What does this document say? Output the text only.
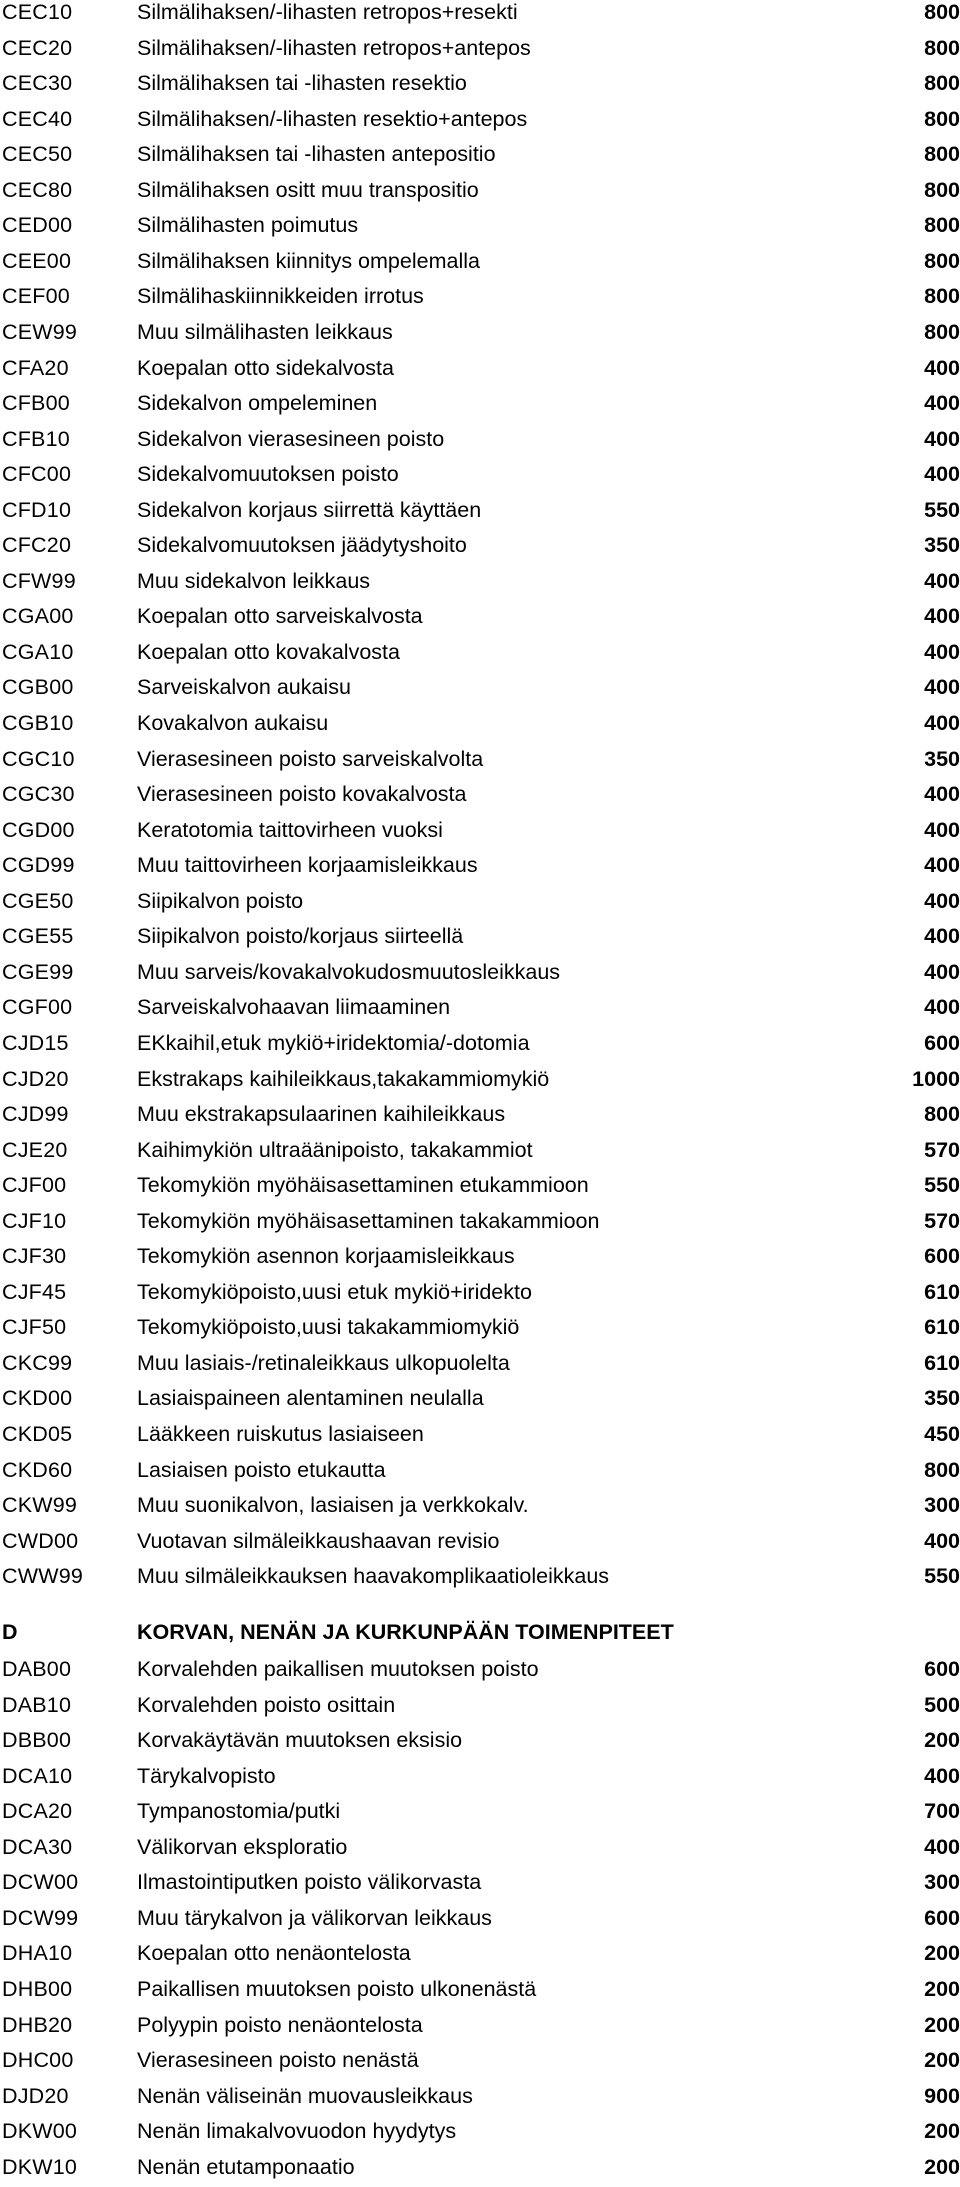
CEC10	Silmälihaksen/-lihasten retropos+resekti	800
CEC20	Silmälihaksen/-lihasten retropos+antepos	800
CEC30	Silmälihaksen tai -lihasten resektio	800
CEC40	Silmälihaksen/-lihasten resektio+antepos	800
CEC50	Silmälihaksen tai -lihasten antepositio	800
CEC80	Silmälihaksen ositt muu transpositio	800
CED00	Silmälihasten poimutus	800
CEE00	Silmälihaksen kiinnitys ompelemalla	800
CEF00	Silmälihaskiinnikkeiden irrotus	800
CEW99	Muu silmälihasten leikkaus	800
CFA20	Koepalan otto sidekalvosta	400
CFB00	Sidekalvon ompeleminen	400
CFB10	Sidekalvon vierasesineen poisto	400
CFC00	Sidekalvomuutoksen poisto	400
CFD10	Sidekalvon korjaus siirrettä käyttäen	550
CFC20	Sidekalvomuutoksen jäädytyshoito	350
CFW99	Muu sidekalvon leikkaus	400
CGA00	Koepalan otto sarveiskalvosta	400
CGA10	Koepalan otto kovakalvosta	400
CGB00	Sarveiskalvon aukaisu	400
CGB10	Kovakalvon aukaisu	400
CGC10	Vierasesineen poisto sarveiskalvolta	350
CGC30	Vierasesineen poisto kovakalvosta	400
CGD00	Keratotomia taittovirheen vuoksi	400
CGD99	Muu taittovirheen korjaamisleikkaus	400
CGE50	Siipikalvon poisto	400
CGE55	Siipikalvon poisto/korjaus siirteellä	400
CGE99	Muu sarveis/kovakalvokudosmuutosleikkaus	400
CGF00	Sarveiskalvohaavan liimaaminen	400
CJD15	EKkaihil,etuk mykiö+iridektomia/-dotomia	600
CJD20	Ekstrakaps kaihileikkaus,takakammiomykiö	1000
CJD99	Muu ekstrakapsulaarinen kaihileikkaus	800
CJE20	Kaihimykiön ultraäänipoisto, takakammiot	570
CJF00	Tekomykiön myöhäisasettaminen etukammioon	550
CJF10	Tekomykiön myöhäisasettaminen takakammioon	570
CJF30	Tekomykiön asennon korjaamisleikkaus	600
CJF45	Tekomykiöpoisto,uusi etuk mykiö+iridekto	610
CJF50	Tekomykiöpoisto,uusi takakammiomykiö	610
CKC99	Muu lasiais-/retinaleikkaus ulkopuolelta	610
CKD00	Lasiaispaineen alentaminen neulalla	350
CKD05	Lääkkeen ruiskutus lasiaiseen	450
CKD60	Lasiaisen poisto etukautta	800
CKW99	Muu suonikalvon, lasiaisen ja verkkokalv.	300
CWD00	Vuotavan silmäleikkaushaavan revisio	400
CWW99	Muu silmäleikkauksen haavakomplikaatioleikkaus	550
D	KORVAN, NENÄN JA KURKUNPÄÄN TOIMENPITEET
DAB00	Korvalehden paikallisen muutoksen poisto	600
DAB10	Korvalehden poisto osittain	500
DBB00	Korvakäytävän muutoksen eksisio	200
DCA10	Tärykalvopisto	400
DCA20	Tympanostomia/putki	700
DCA30	Välikorvan eksploratio	400
DCW00	Ilmastointiputken poisto välikorvasta	300
DCW99	Muu tärykalvon ja välikorvan leikkaus	600
DHA10	Koepalan otto nenäontelosta	200
DHB00	Paikallisen muutoksen poisto ulkonenästä	200
DHB20	Polyypin poisto nenäontelosta	200
DHC00	Vierasesineen poisto nenästä	200
DJD20	Nenän väliseinän muovausleikkaus	900
DKW00	Nenän limakalvovuodon hyydytys	200
DKW10	Nenän etutamponaatio	200
